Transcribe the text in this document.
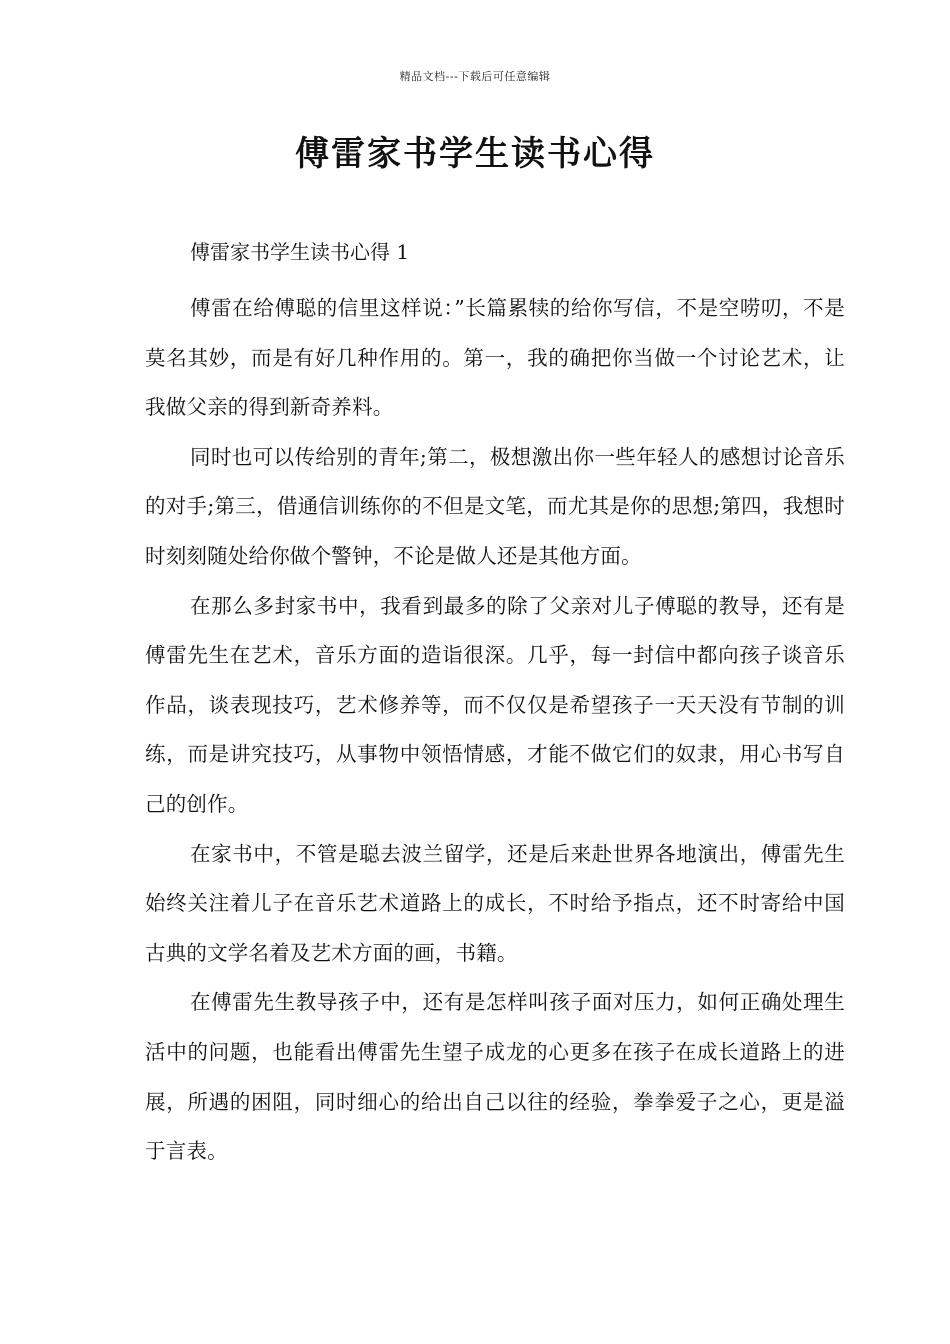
精品文档---下载后可任意编辑
傅雷家书学生读书心得
傅雷家书学生读书心得 1

傅雷在给傅聪的信里这样说：”长篇累犊的给你写信，不是空唠叨，不是莫名其妙，而是有好几种作用的。第一，我的确把你当做一个讨论艺术，让我做父亲的得到新奇养料。

同时也可以传给别的青年;第二，极想激出你一些年轻人的感想讨论音乐的对手;第三，借通信训练你的不但是文笔，而尤其是你的思想;第四，我想时时刻刻随处给你做个警钟，不论是做人还是其他方面。

在那么多封家书中，我看到最多的除了父亲对儿子傅聪的教导，还有是傅雷先生在艺术，音乐方面的造诣很深。几乎，每一封信中都向孩子谈音乐作品，谈表现技巧，艺术修养等，而不仅仅是希望孩子一天天没有节制的训练，而是讲究技巧，从事物中领悟情感，才能不做它们的奴隶，用心书写自己的创作。

在家书中，不管是聪去波兰留学，还是后来赴世界各地演出，傅雷先生始终关注着儿子在音乐艺术道路上的成长，不时给予指点，还不时寄给中国古典的文学名着及艺术方面的画，书籍。

在傅雷先生教导孩子中，还有是怎样叫孩子面对压力，如何正确处理生活中的问题，也能看出傅雷先生望子成龙的心更多在孩子在成长道路上的进展，所遇的困阻，同时细心的给出自己以往的经验，拳拳爱子之心，更是溢于言表。
